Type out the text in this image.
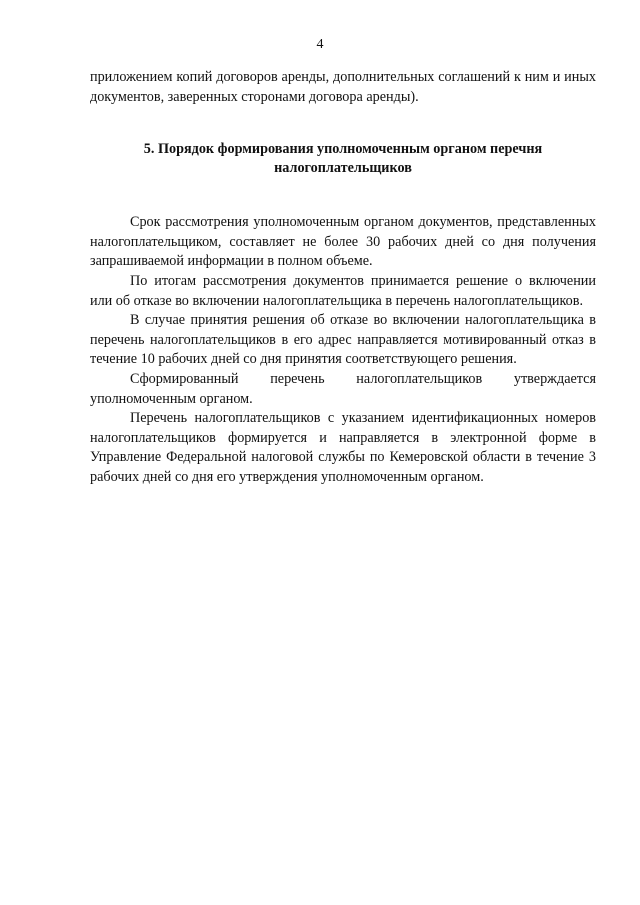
4

приложением копий договоров аренды, дополнительных соглашений к ним и иных документов, заверенных сторонами договора аренды).

5. Порядок формирования уполномоченным органом перечня
налогоплательщиков

Срок рассмотрения уполномоченным органом документов, представленных налогоплательщиком, составляет не более 30 рабочих дней со дня получения запрашиваемой информации в полном объеме.

По итогам рассмотрения документов принимается решение о включении или об отказе во включении налогоплательщика в перечень налогоплательщиков.

В случае принятия решения об отказе во включении налогоплательщика в перечень налогоплательщиков в его адрес направляется мотивированный отказ в течение 10 рабочих дней со дня принятия соответствующего решения.

Сформированный перечень налогоплательщиков утверждается уполномоченным органом.

Перечень налогоплательщиков с указанием идентификационных номеров налогоплательщиков формируется и направляется в электронной форме в Управление Федеральной налоговой службы по Кемеровской области в течение 3 рабочих дней со дня его утверждения уполномоченным органом.
